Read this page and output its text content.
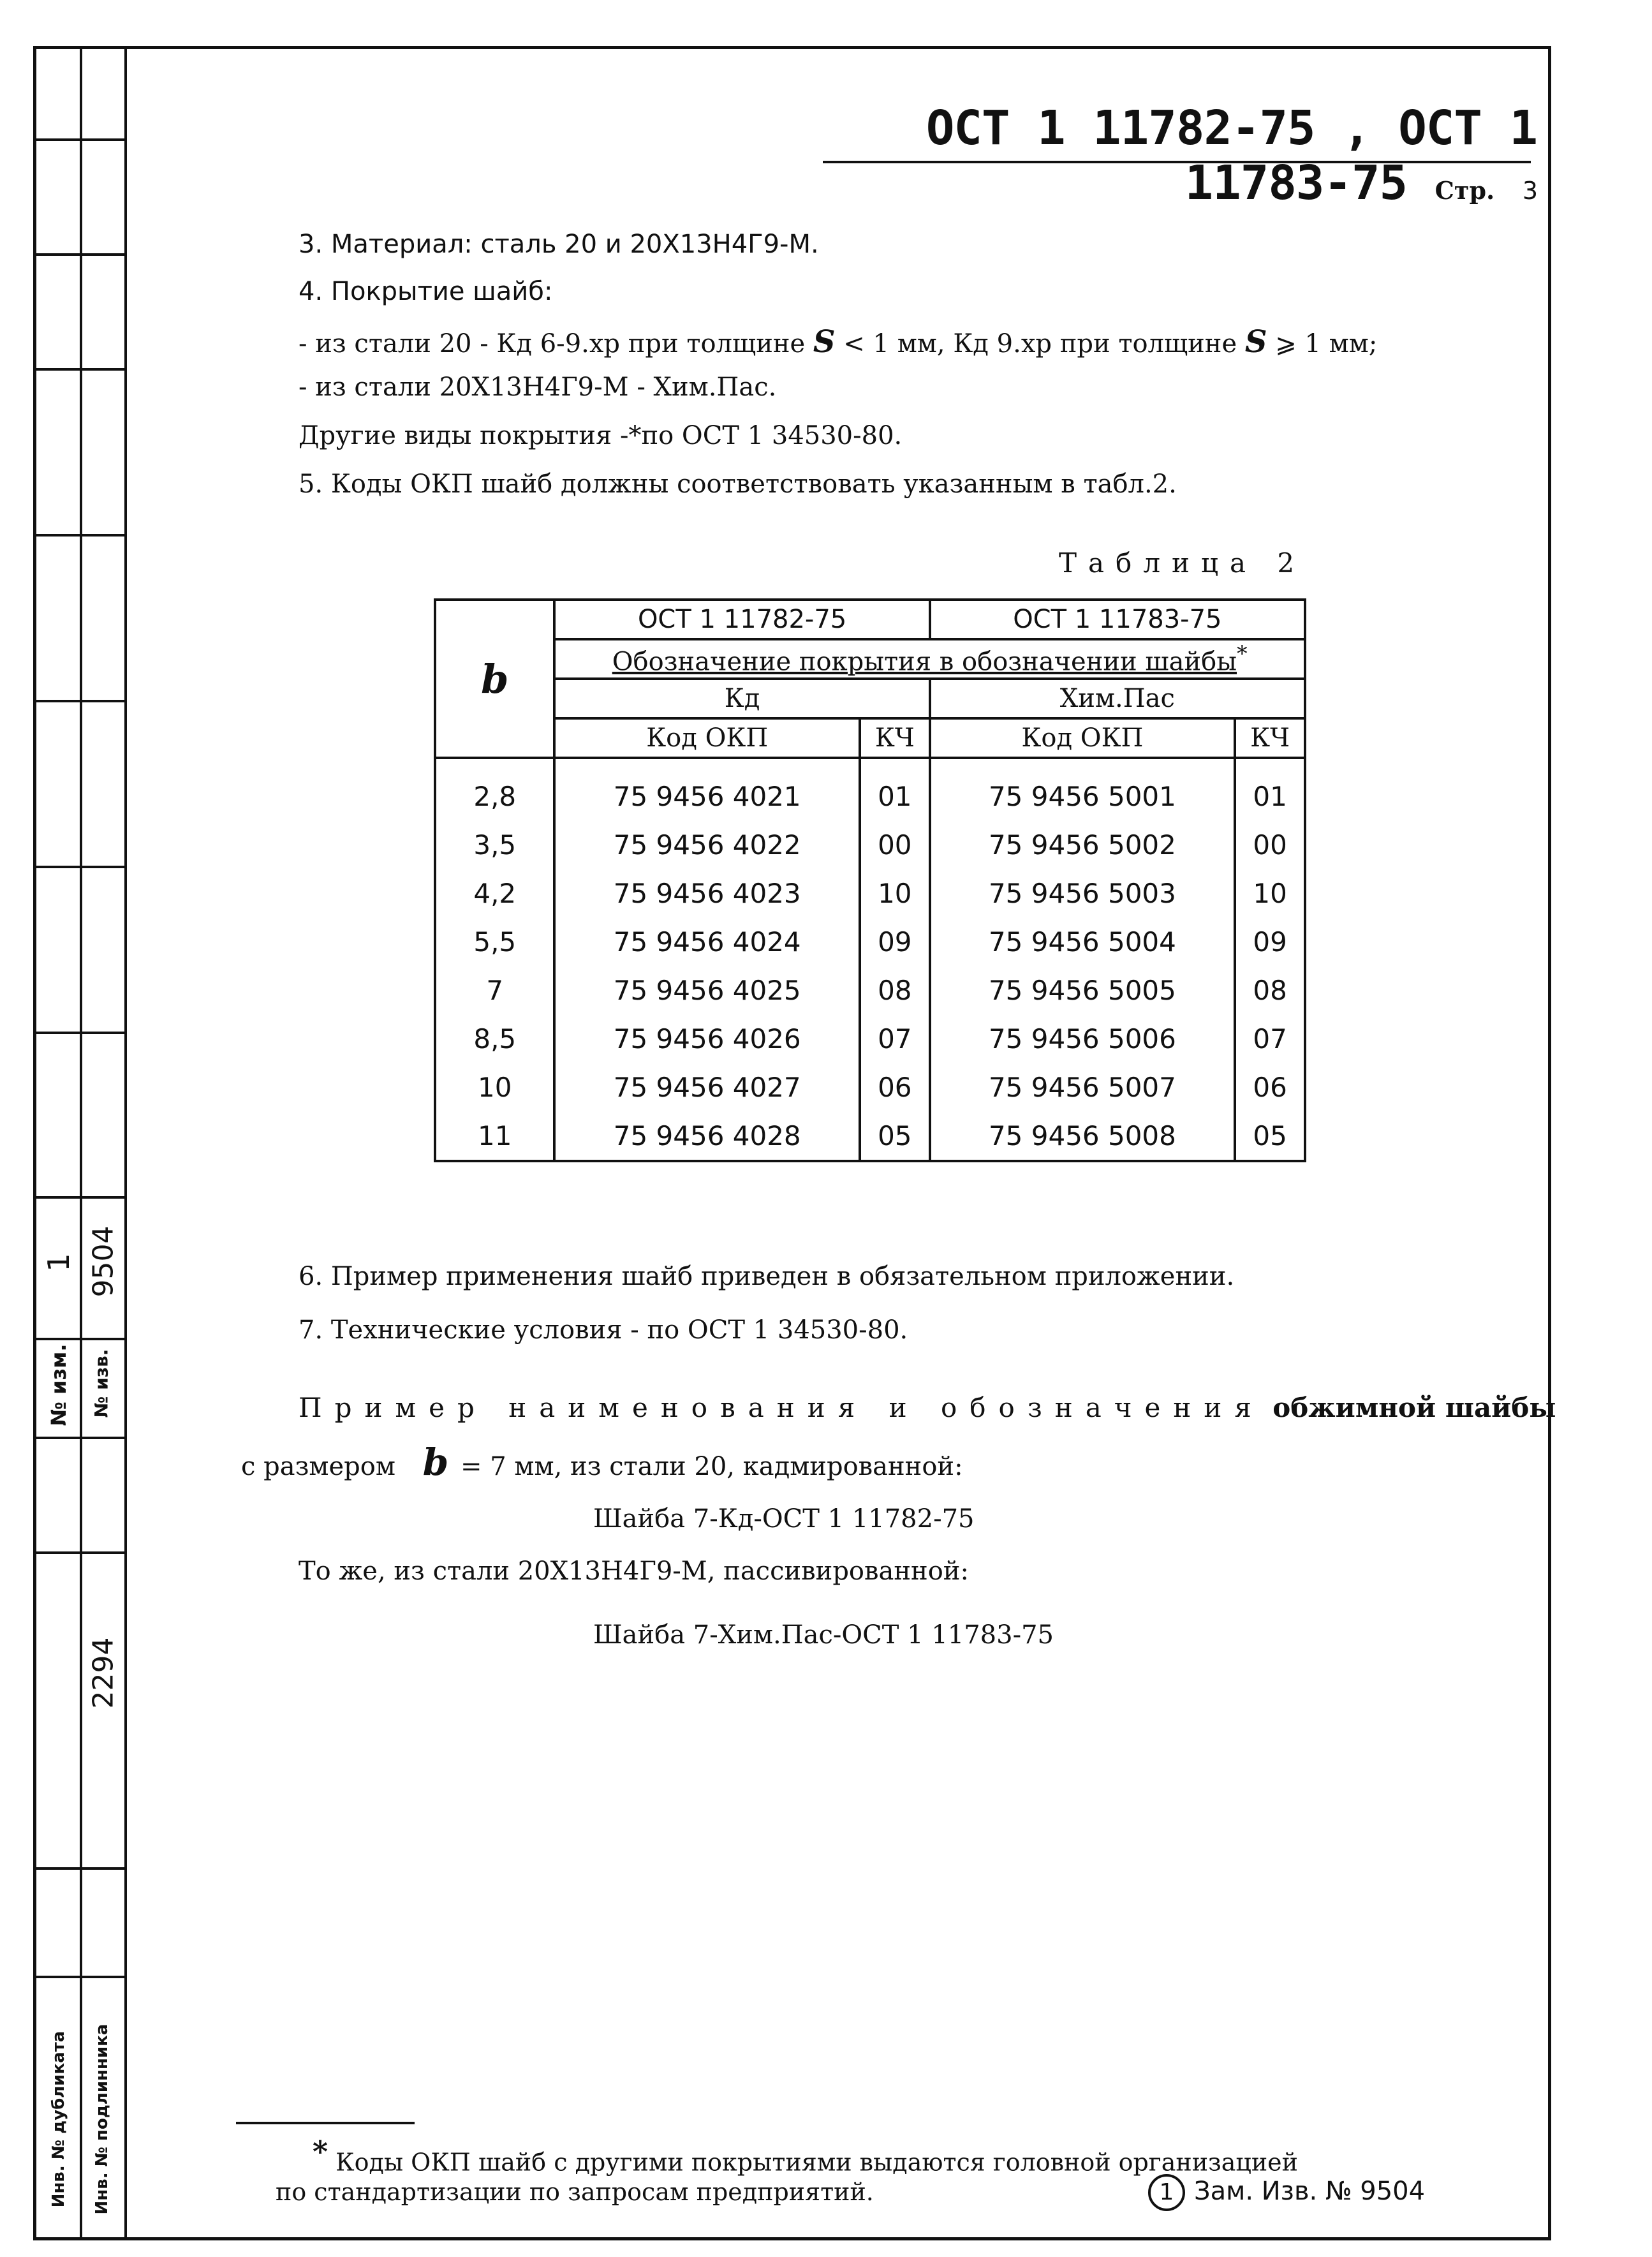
1 9504
№ изм. № изв.
2294
Инв. № дубликата Инв. № подлинника
ОСТ 1 11782-75 , ОСТ 1 11783-75 Стр. 3
3. Материал: сталь 20 и 20Х13Н4Г9-М.
4. Покрытие шайб:
- из стали 20 - Кд 6-9.хр при толщине S < 1 мм, Кд 9.хр при толщине S ⩾ 1 мм;
- из стали 20Х13Н4Г9-М - Хим.Пас.
Другие виды покрытия -*по ОСТ 1 34530-80.
5. Коды ОКП шайб должны соответствовать указанным в табл.2.
Таблица 2
b	ОСТ 1 11782-75		ОСТ 1 11783-75	
	Обозначение покрытия в обозначении шайбы*
	Кд		Хим.Пас	
	Код ОКП	КЧ	Код ОКП	КЧ
2,8	75 9456 4021	01	75 9456 5001	01
3,5	75 9456 4022	00	75 9456 5002	00
4,2	75 9456 4023	10	75 9456 5003	10
5,5	75 9456 4024	09	75 9456 5004	09
7	75 9456 4025	08	75 9456 5005	08
8,5	75 9456 4026	07	75 9456 5006	07
10	75 9456 4027	06	75 9456 5007	06
11	75 9456 4028	05	75 9456 5008	05
6. Пример применения шайб приведен в обязательном приложении.
7. Технические условия - по ОСТ 1 34530-80.
Пример наименования и обозначения обжимной шайбы
с размером b = 7 мм, из стали 20, кадмированной:
Шайба 7-Кд-ОСТ 1 11782-75
То же, из стали 20Х13Н4Г9-М, пассивированной:
Шайба 7-Хим.Пас-ОСТ 1 11783-75
* Коды ОКП шайб с другими покрытиями выдаются головной организацией
по стандартизации по запросам предприятий.	1 Зам. Изв. № 9504
